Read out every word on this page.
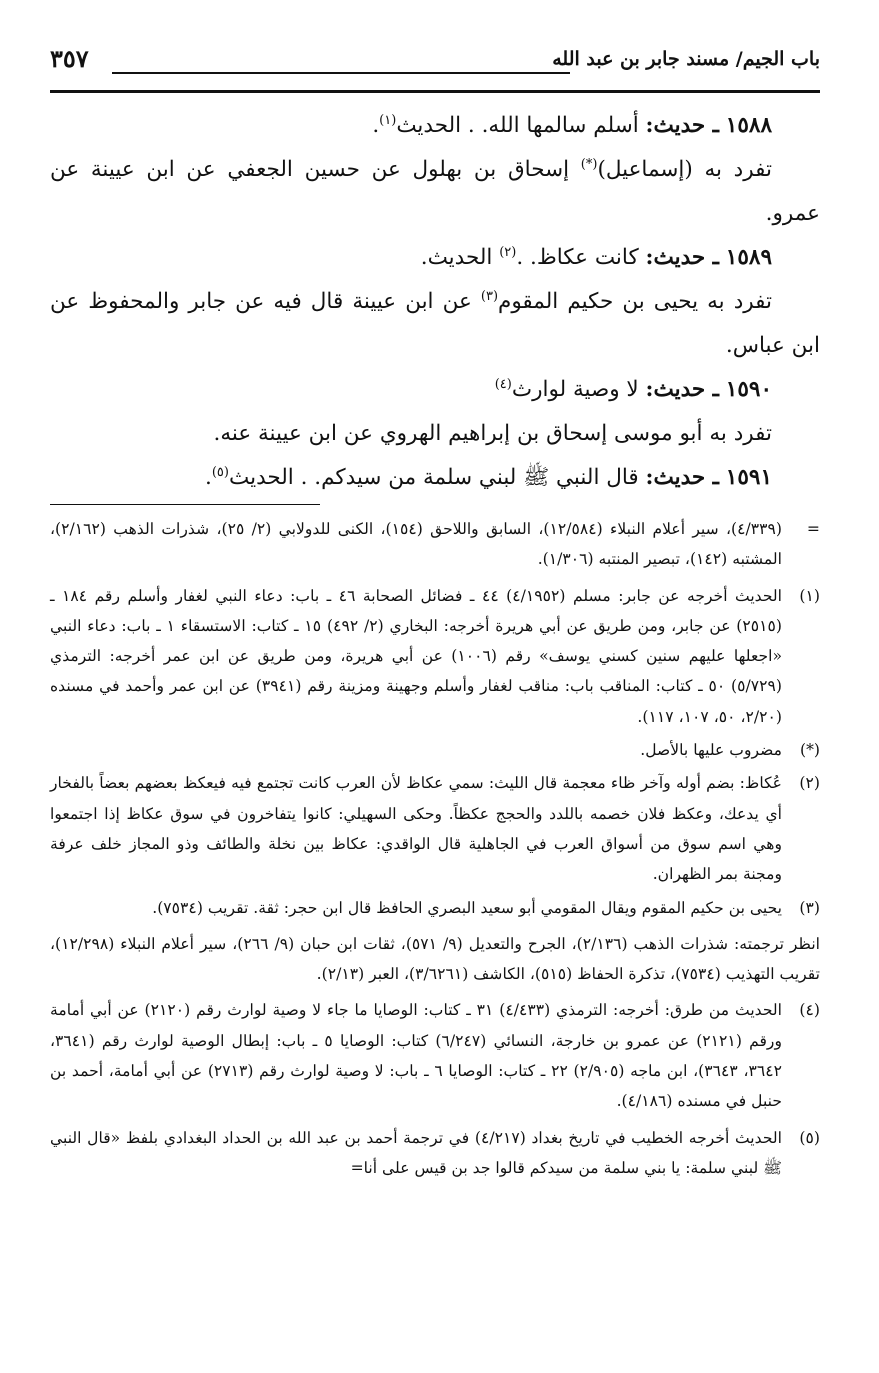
باب الجيم/ مسند جابر بن عبد الله
٣٥٧

١٥٨٨ ـ حديث: أسلم سالمها الله. . الحديث$^{(١)}$.

تفرد به (إسماعيل)(*) إسحاق بن بهلول عن حسين الجعفي عن ابن عيينة عن عمرو.

١٥٨٩ ـ حديث: كانت عكاظ. .$^{(٢)}$ الحديث.

تفرد به يحيى بن حكيم المقوم$^{(٣)}$ عن ابن عيينة قال فيه عن جابر والمحفوظ عن ابن عباس.

١٥٩٠ ـ حديث: لا وصية لوارث$^{(٤)}$

تفرد به أبو موسى إسحاق بن إبراهيم الهروي عن ابن عيينة عنه.

١٥٩١ ـ حديث: قال النبي ﷺ لبني سلمة من سيدكم. . الحديث$^{(٥)}$.

=
(٤/٣٣٩)، سير أعلام النبلاء (١٢/٥٨٤)، السابق واللاحق (١٥٤)، الكنى للدولابي (٢/ ٢٥)، شذرات الذهب (٢/١٦٢)، المشتبه (١٤٢)، تبصير المنتبه (١/٣٠٦).

(١)
الحديث أخرجه عن جابر: مسلم (٤/١٩٥٢) ٤٤ ـ فضائل الصحابة ٤٦ ـ باب: دعاء النبي لغفار وأسلم رقم ١٨٤ ـ (٢٥١٥) عن جابر، ومن طريق عن أبي هريرة أخرجه: البخاري (٢/ ٤٩٢) ١٥ ـ كتاب: الاستسقاء ١ ـ باب: دعاء النبي «اجعلها عليهم سنين كسني يوسف» رقم (١٠٠٦) عن أبي هريرة، ومن طريق عن ابن عمر أخرجه: الترمذي (٥/٧٢٩) ٥٠ ـ كتاب: المناقب باب: مناقب لغفار وأسلم وجهينة ومزينة رقم (٣٩٤١) عن ابن عمر وأحمد في مسنده (٢/٢٠، ٥٠، ١٠٧، ١١٧).

(*)
مضروب عليها بالأصل.

(٢)
عُكاظ: بضم أوله وآخر ظاء معجمة قال الليث: سمي عكاظ لأن العرب كانت تجتمع فيه فيعكظ بعضهم بعضاً بالفخار أي يدعك، وعكظ فلان خصمه باللدد والحجج عكظاً. وحكى السهيلي: كانوا يتفاخرون في سوق عكاظ إذا اجتمعوا وهي اسم سوق من أسواق العرب في الجاهلية قال الواقدي: عكاظ بين نخلة والطائف وذو المجاز خلف عرفة ومجنة بمر الظهران.

(٣)
يحيى بن حكيم المقوم ويقال المقومي أبو سعيد البصري الحافظ قال ابن حجر: ثقة. تقريب (٧٥٣٤).

انظر ترجمته: شذرات الذهب (٢/١٣٦)، الجرح والتعديل (٩/ ٥٧١)، ثقات ابن حبان (٩/ ٢٦٦)، سير أعلام النبلاء (١٢/٢٩٨)، تقريب التهذيب (٧٥٣٤)، تذكرة الحفاظ (٥١٥)، الكاشف (٣/٦٢٦١)، العبر (٢/١٣).

(٤)
الحديث من طرق: أخرجه: الترمذي (٤/٤٣٣) ٣١ ـ كتاب: الوصايا ما جاء لا وصية لوارث رقم (٢١٢٠) عن أبي أمامة ورقم (٢١٢١) عن عمرو بن خارجة، النسائي (٦/٢٤٧) كتاب: الوصايا ٥ ـ باب: إبطال الوصية لوارث رقم (٣٦٤١، ٣٦٤٢، ٣٦٤٣)، ابن ماجه (٢/٩٠٥) ٢٢ ـ كتاب: الوصايا ٦ ـ باب: لا وصية لوارث رقم (٢٧١٣) عن أبي أمامة، أحمد بن حنبل في مسنده (٤/١٨٦).

(٥)
الحديث أخرجه الخطيب في تاريخ بغداد (٤/٢١٧) في ترجمة أحمد بن عبد الله بن الحداد البغدادي بلفظ «قال النبي ﷺ لبني سلمة: يا بني سلمة من سيدكم قالوا جد بن قيس على أنا=
